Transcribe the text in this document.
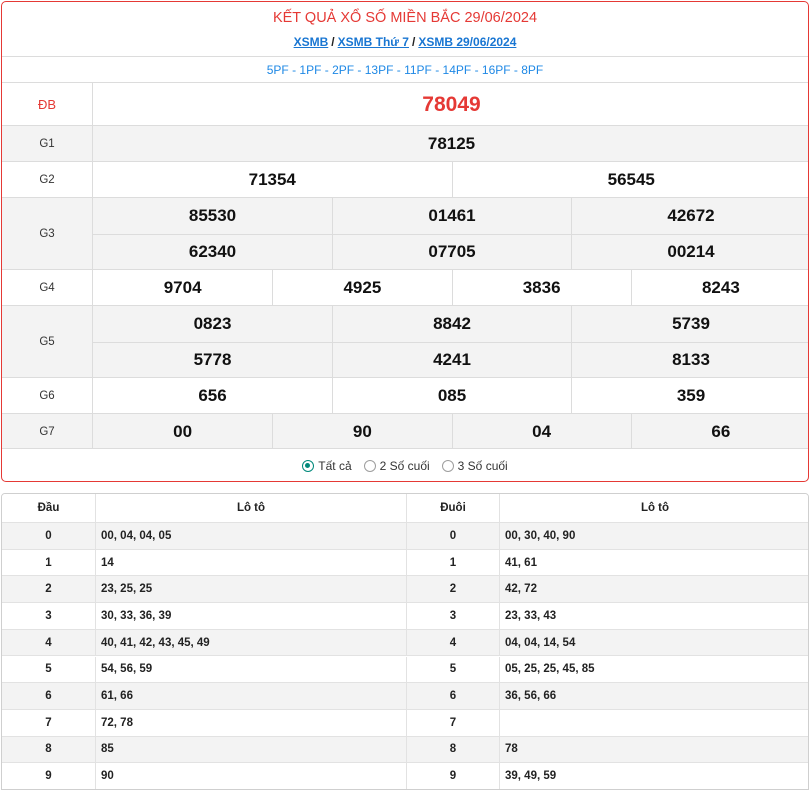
KẾT QUẢ XỔ SỐ MIỀN BẮC 29/06/2024
XSMB / XSMB Thứ 7 / XSMB 29/06/2024
5PF - 1PF - 2PF - 13PF - 11PF - 14PF - 16PF - 8PF
ĐB	78049
G1	78125
G2	71354	56545
G3
85530	01461	42672
62340	07705	00214
G4	9704	4925	3836	8243
G5
0823	8842	5739
5778	4241	8133
G6	656	085	359
G7	00	90	04	66
Tất cả 2 Số cuối 3 Số cuối
Đầu	Lô tô	Đuôi	Lô tô
0	00, 04, 04, 05	0	00, 30, 40, 90
1	14	1	41, 61
2	23, 25, 25	2	42, 72
3	30, 33, 36, 39	3	23, 33, 43
4	40, 41, 42, 43, 45, 49	4	04, 04, 14, 54
5	54, 56, 59	5	05, 25, 25, 45, 85
6	61, 66	6	36, 56, 66
7	72, 78	7
8	85	8	78
9	90	9	39, 49, 59
